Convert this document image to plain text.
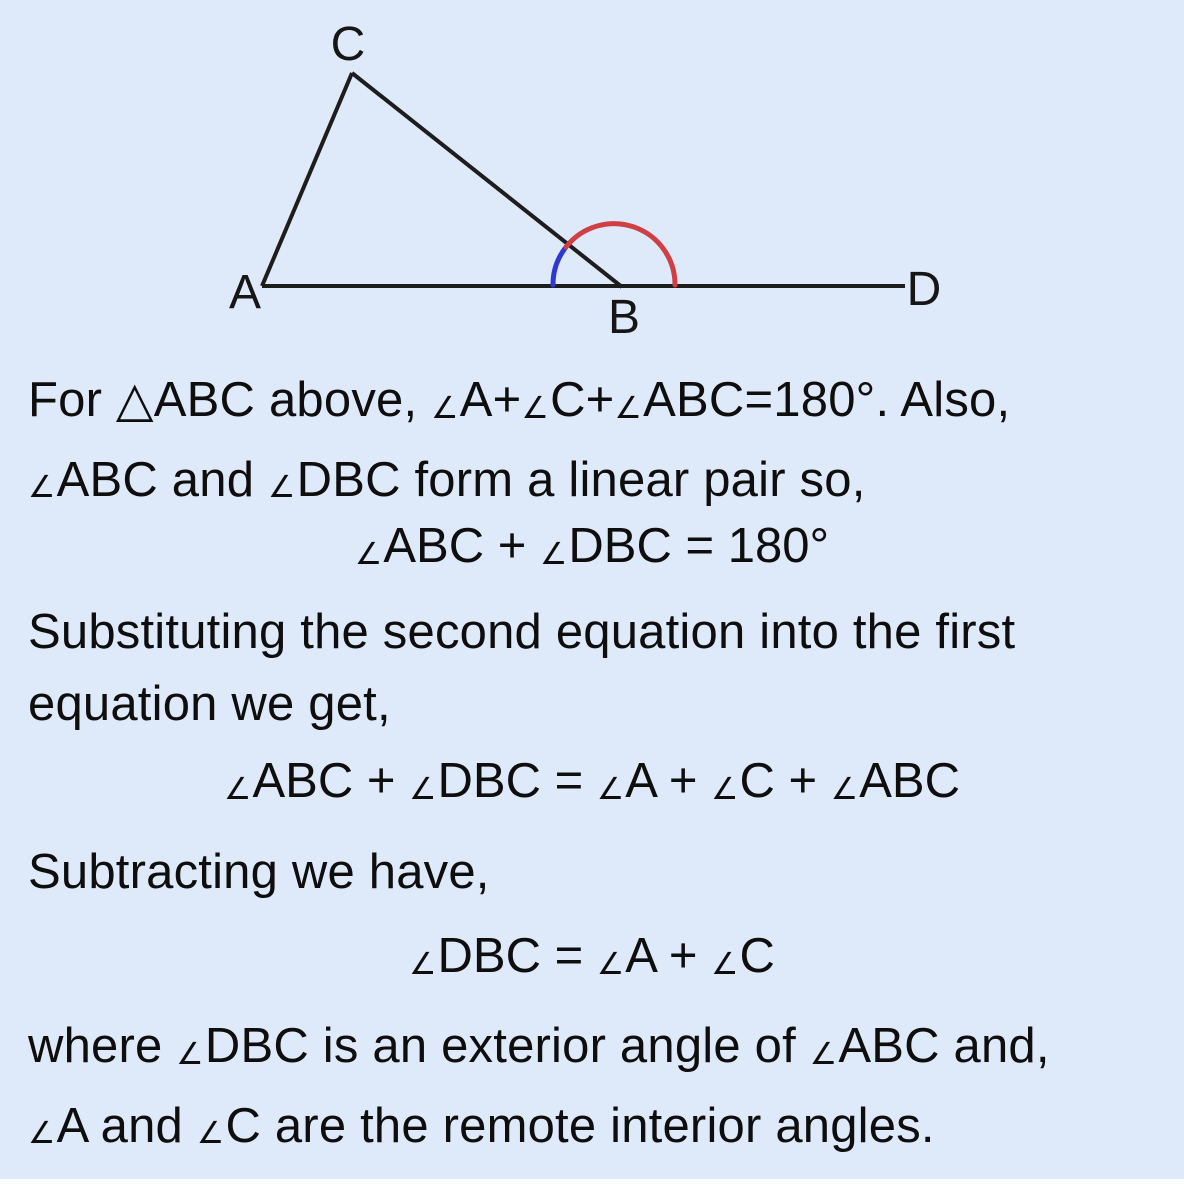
C
A	B
D
For △ABC above, ∠A+∠C+∠ABC=180°. Also,
∠ABC and ∠DBC form a linear pair so,
∠ABC + ∠DBC = 180°
Substituting the second equation into the first
equation we get,
∠ABC + ∠DBC = ∠A + ∠C + ∠ABC
Subtracting we have,
∠DBC = ∠A + ∠C
where ∠DBC is an exterior angle of ∠ABC and,
∠A and ∠C are the remote interior angles.
